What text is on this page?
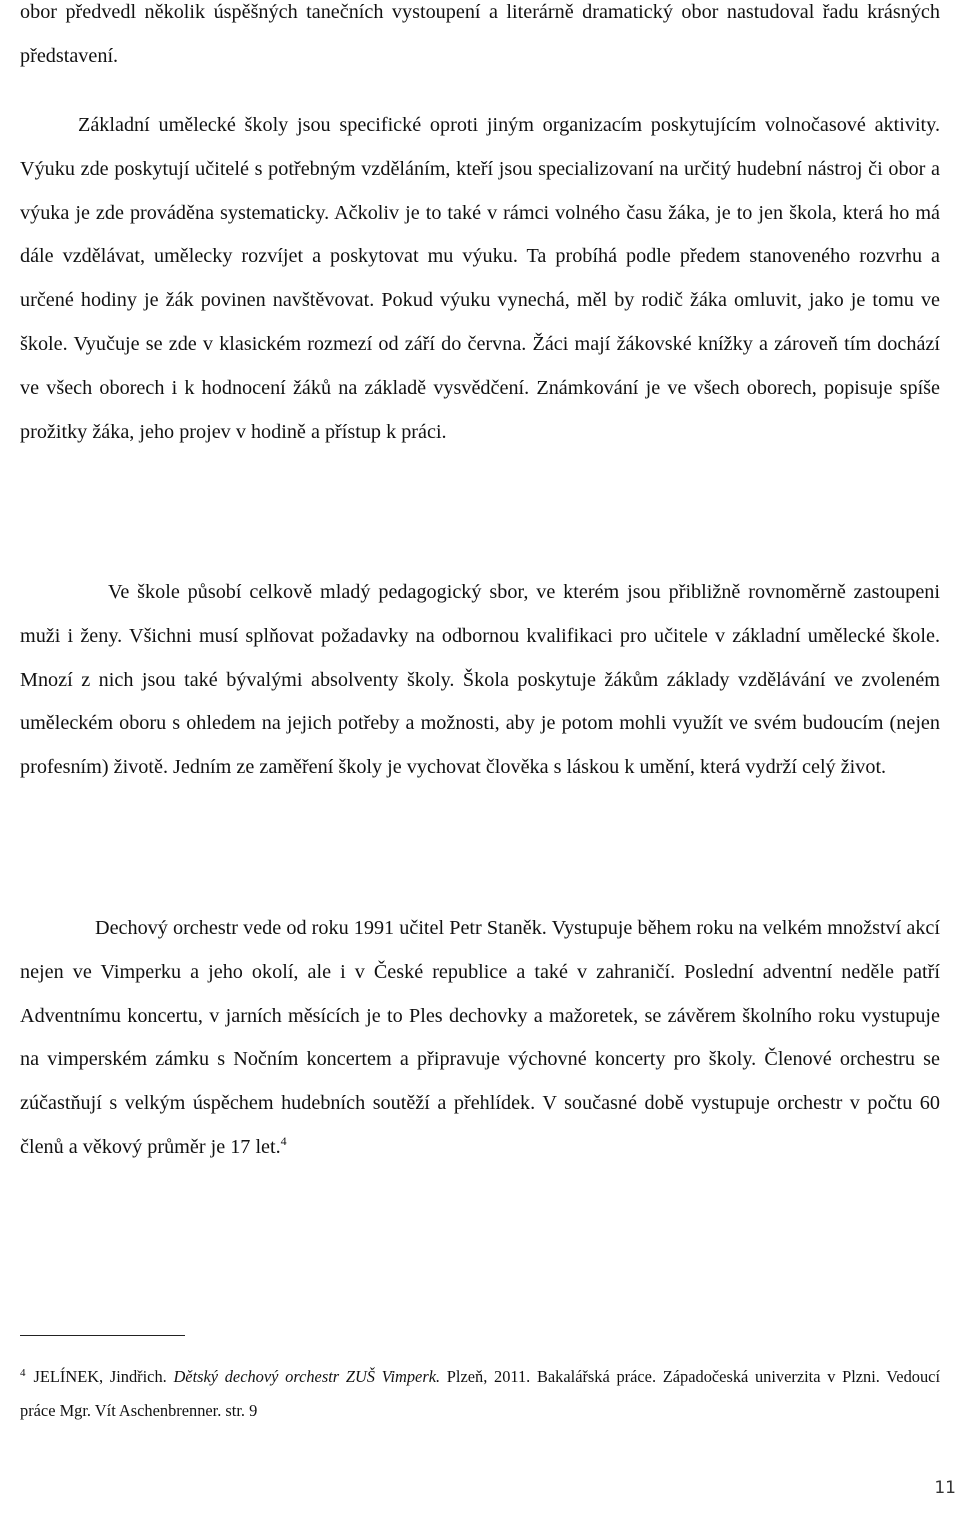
obor předvedl několik úspěšných tanečních vystoupení a literárně dramatický obor nastudoval řadu krásných představení.

Základní umělecké školy jsou specifické oproti jiným organizacím poskytujícím volnočasové aktivity. Výuku zde poskytují učitelé s potřebným vzděláním, kteří jsou specializovaní na určitý hudební nástroj či obor a výuka je zde prováděna systematicky. Ačkoliv je to také v rámci volného času žáka, je to jen škola, která ho má dále vzdělávat, umělecky rozvíjet a poskytovat mu výuku. Ta probíhá podle předem stanoveného rozvrhu a určené hodiny je žák povinen navštěvovat. Pokud výuku vynechá, měl by rodič žáka omluvit, jako je tomu ve škole. Vyučuje se zde v klasickém rozmezí od září do června. Žáci mají žákovské knížky a zároveň tím dochází ve všech oborech i k hodnocení žáků na základě vysvědčení. Známkování je ve všech oborech, popisuje spíše prožitky žáka, jeho projev v hodině a přístup k práci.

Ve škole působí celkově mladý pedagogický sbor, ve kterém jsou přibližně rovnoměrně zastoupeni muži i ženy. Všichni musí splňovat požadavky na odbornou kvalifikaci pro učitele v základní umělecké škole. Mnozí z nich jsou také bývalými absolventy školy. Škola poskytuje žákům základy vzdělávání ve zvoleném uměleckém oboru s ohledem na jejich potřeby a možnosti, aby je potom mohli využít ve svém budoucím (nejen profesním) životě. Jedním ze zaměření školy je vychovat člověka s láskou k umění, která vydrží celý život.

Dechový orchestr vede od roku 1991 učitel Petr Staněk. Vystupuje během roku na velkém množství akcí nejen ve Vimperku a jeho okolí, ale i v České republice a také v zahraničí. Poslední adventní neděle patří Adventnímu koncertu, v jarních měsících je to Ples dechovky a mažoretek, se závěrem školního roku vystupuje na vimperském zámku s Nočním koncertem a připravuje výchovné koncerty pro školy. Členové orchestru se zúčastňují s velkým úspěchem hudebních soutěží a přehlídek. V současné době vystupuje orchestr v počtu 60 členů a věkový průměr je 17 let.$^4$

$^4$ JELÍNEK, Jindřich. Dětský dechový orchestr ZUŠ Vimperk. Plzeň, 2011. Bakalářská práce. Západočeská univerzita v Plzni. Vedoucí práce Mgr. Vít Aschenbrenner. str. 9

11
